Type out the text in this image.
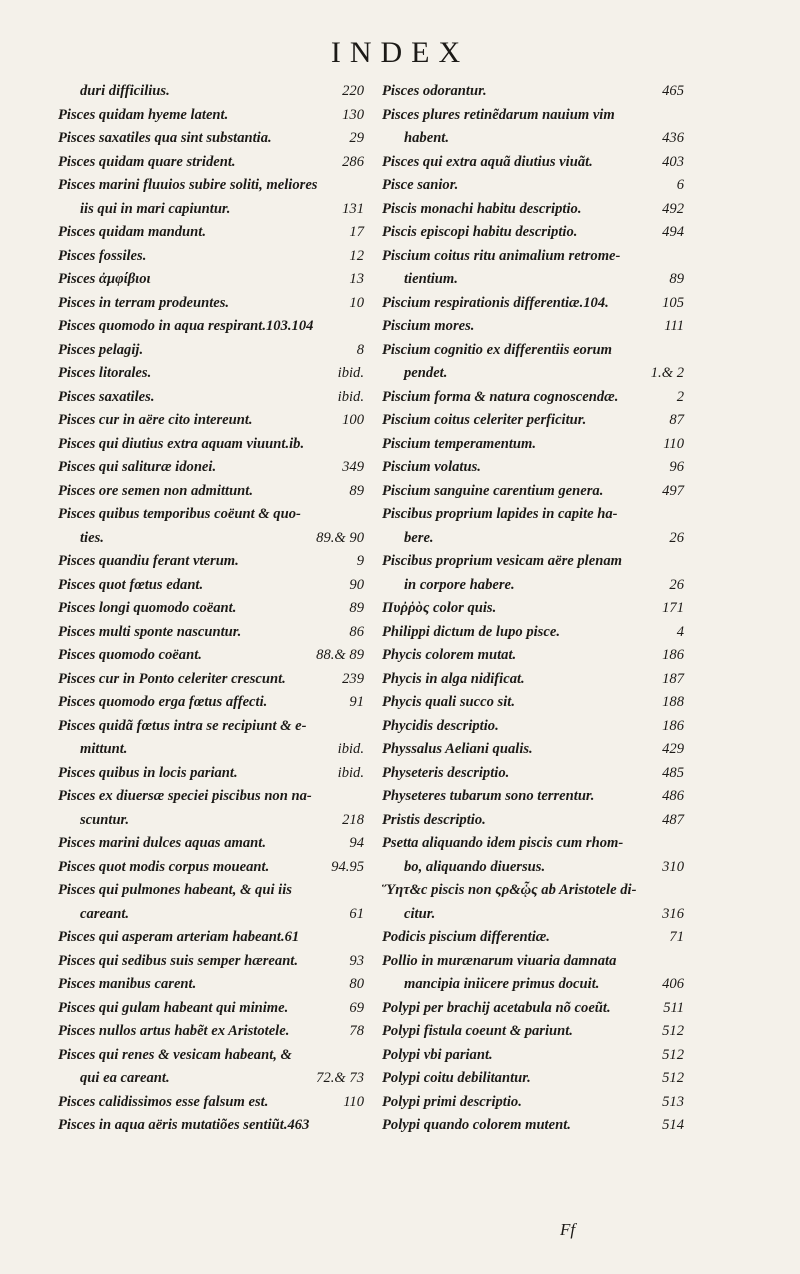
INDEX
duri difficilius.	220
Pisces quidam hyeme latent.	130
Pisces saxatiles qua sint substantia.	29
Pisces quidam quare strident.	286
Pisces marini fluuios subire soliti, meliores
iis qui in mari capiuntur.	131
Pisces quidam mandunt.	17
Pisces fossiles.	12
Pisces ἀμφίβιοι	13
Pisces in terram prodeuntes.	10
Pisces quomodo in aqua respirant.103.104
Pisces pelagij.	8
Pisces litorales.	ibid.
Pisces saxatiles.	ibid.
Pisces cur in aëre cito intereunt.	100
Pisces qui diutius extra aquam viuunt.ib.
Pisces qui salituræ idonei.	349
Pisces ore semen non admittunt.	89
Pisces quibus temporibus coëunt & quo-
ties.	89.& 90
Pisces quandiu ferant vterum.	9
Pisces quot fœtus edant.	90
Pisces longi quomodo coëant.	89
Pisces multi sponte nascuntur.	86
Pisces quomodo coëant.	88.& 89
Pisces cur in Ponto celeriter crescunt.	239
Pisces quomodo erga fœtus affecti.	91
Pisces quidã fœtus intra se recipiunt & e-
mittunt.	ibid.
Pisces quibus in locis pariant.	ibid.
Pisces ex diuersæ speciei piscibus non na-
scuntur.	218
Pisces marini dulces aquas amant.	94
Pisces quot modis corpus moueant.	94.95
Pisces qui pulmones habeant, & qui iis
careant.	61
Pisces qui asperam arteriam habeant.61
Pisces qui sedibus suis semper hæreant.	93
Pisces manibus carent.	80
Pisces qui gulam habeant qui minime.	69
Pisces nullos artus habẽt ex Aristotele.	78
Pisces qui renes & vesicam habeant, &
qui ea careant.	72.& 73
Pisces calidissimos esse falsum est.	110
Pisces in aqua aëris mutatiões sentiũt.463
Pisces odorantur.	465
Pisces plures retinẽdarum nauium vim
habent.	436
Pisces qui extra aquã diutius viuãt.	403
Pisce sanior.	6
Piscis monachi habitu descriptio.	492
Piscis episcopi habitu descriptio.	494
Piscium coitus ritu animalium retrome-
tientium.	89
Piscium respirationis differentiæ.104.	105
Piscium mores.	111
Piscium cognitio ex differentiis eorum
pendet.	1.& 2
Piscium forma & natura cognoscendæ.	2
Piscium coitus celeriter perficitur.	87
Piscium temperamentum.	110
Piscium volatus.	96
Piscium sanguine carentium genera.	497
Piscibus proprium lapides in capite ha-
bere.	26
Piscibus proprium vesicam aëre plenam
in corpore habere.	26
Πυῤῥὸς color quis.	171
Philippi dictum de lupo pisce.	4
Phycis colorem mutat.	186
Phycis in alga nidificat.	187
Phycis quali succo sit.	188
Phycidis descriptio.	186
Physsalus Aeliani qualis.	429
Physeteris descriptio.	485
Physeteres tubarum sono terrentur.	486
Pristis descriptio.	487
Psetta aliquando idem piscis cum rhom-
bo, aliquando diuersus.	310
Ὕητ&c piscis non ςρ&ᾧς ab Aristotele di-
citur.	316
Podicis piscium differentiæ.	71
Pollio in murænarum viuaria damnata
mancipia iniicere primus docuit.	406
Polypi per brachij acetabula nõ coeũt.	511
Polypi fistula coeunt & pariunt.	512
Polypi vbi pariant.	512
Polypi coitu debilitantur.	512
Polypi primi descriptio.	513
Polypi quando colorem mutent.	514
Ff
